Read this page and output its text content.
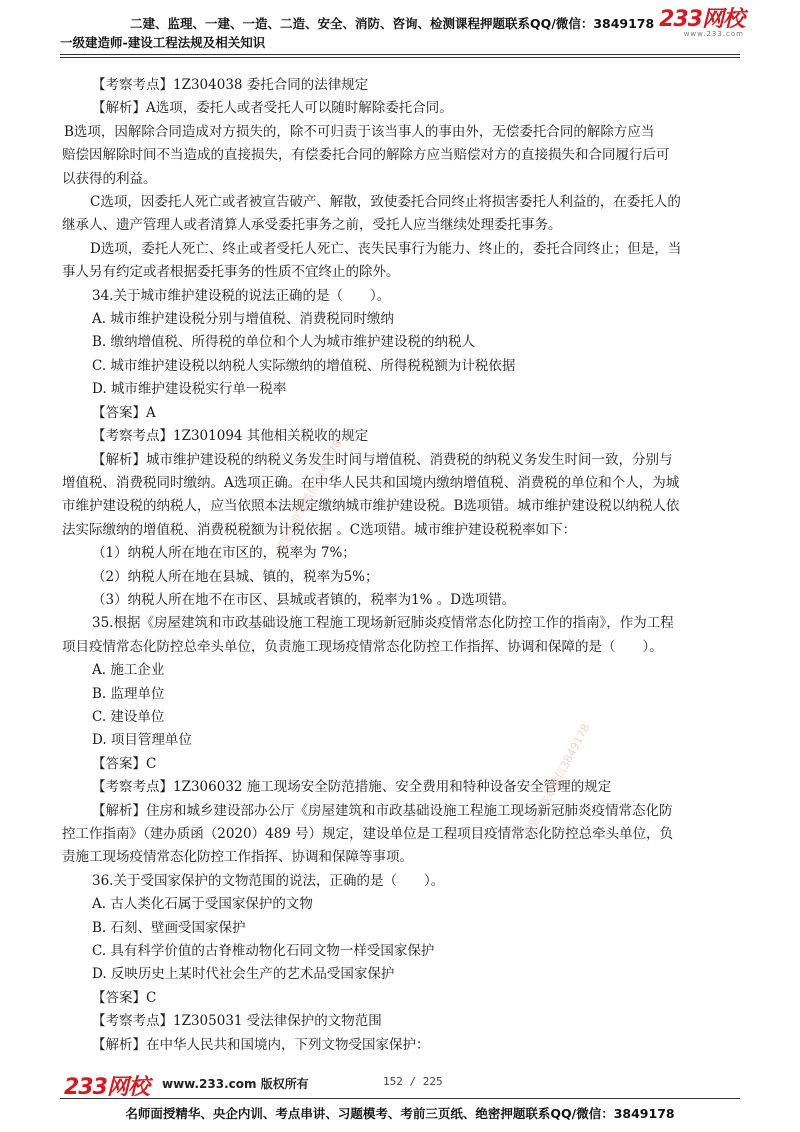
二建、监理、一建、一造、二造、安全、消防、咨询、检测课程押题联系QQ/微信：3849178
一级建造师-建设工程法规及相关知识
233网校
www.233.com

【考察考点】1Z304038 委托合同的法律规定

【解析】A选项，委托人或者受托人可以随时解除委托合同。

B选项，因解除合同造成对方损失的，除不可归责于该当事人的事由外，无偿委托合同的解除方应当

赔偿因解除时间不当造成的直接损失，有偿委托合同的解除方应当赔偿对方的直接损失和合同履行后可

以获得的利益。

C选项，因委托人死亡或者被宣告破产、解散，致使委托合同终止将损害委托人利益的，在委托人的

继承人、遗产管理人或者清算人承受委托事务之前，受托人应当继续处理委托事务。

D选项，委托人死亡、终止或者受托人死亡、丧失民事行为能力、终止的，委托合同终止；但是，当

事人另有约定或者根据委托事务的性质不宜终止的除外。

34.关于城市维护建设税的说法正确的是（　　）。

A. 城市维护建设税分别与增值税、消费税同时缴纳

B. 缴纳增值税、所得税的单位和个人为城市维护建设税的纳税人

C. 城市维护建设税以纳税人实际缴纳的增值税、所得税税额为计税依据

D. 城市维护建设税实行单一税率

【答案】A

【考察考点】1Z301094 其他相关税收的规定

【解析】城市维护建设税的纳税义务发生时间与增值税、消费税的纳税义务发生时间一致，分别与

增值税、消费税同时缴纳。A选项正确。在中华人民共和国境内缴纳增值税、消费税的单位和个人，为城

市维护建设税的纳税人，应当依照本法规定缴纳城市维护建设税。B选项错。城市维护建设税以纳税人依

法实际缴纳的增值税、消费税税额为计税依据 。C选项错。城市维护建设税税率如下：

（1）纳税人所在地在市区的，税率为 7%；

（2）纳税人所在地在县城、镇的，税率为5%；

（3）纳税人所在地不在市区、县城或者镇的，税率为1% 。D选项错。

35.根据《房屋建筑和市政基础设施工程施工现场新冠肺炎疫情常态化防控工作的指南》，作为工程

项目疫情常态化防控总牵头单位，负责施工现场疫情常态化防控工作指挥、协调和保障的是（　　）。

A. 施工企业

B. 监理单位

C. 建设单位

D. 项目管理单位

【答案】C

【考察考点】1Z306032 施工现场安全防范措施、安全费用和特种设备安全管理的规定

【解析】住房和城乡建设部办公厅《房屋建筑和市政基础设施工程施工现场新冠肺炎疫情常态化防

控工作指南》（建办质函（2020）489 号）规定，建设单位是工程项目疫情常态化防控总牵头单位，负

责施工现场疫情常态化防控工作指挥、协调和保障等事项。

36.关于受国家保护的文物范围的说法，正确的是（　　）。

A. 古人类化石属于受国家保护的文物

B. 石刻、壁画受国家保护

C. 具有科学价值的古脊椎动物化石同文物一样受国家保护

D. 反映历史上某时代社会生产的艺术品受国家保护

【答案】C

【考察考点】1Z305031 受法律保护的文物范围

【解析】在中华人民共和国境内，下列文物受国家保护：

押题一联系微信3849178
押题一联系微信3849178
233网校 www.233.com 版权所有	152 / 225
名师面授精华、央企内训、考点串讲、习题模考、考前三页纸、绝密押题联系QQ/微信：3849178
